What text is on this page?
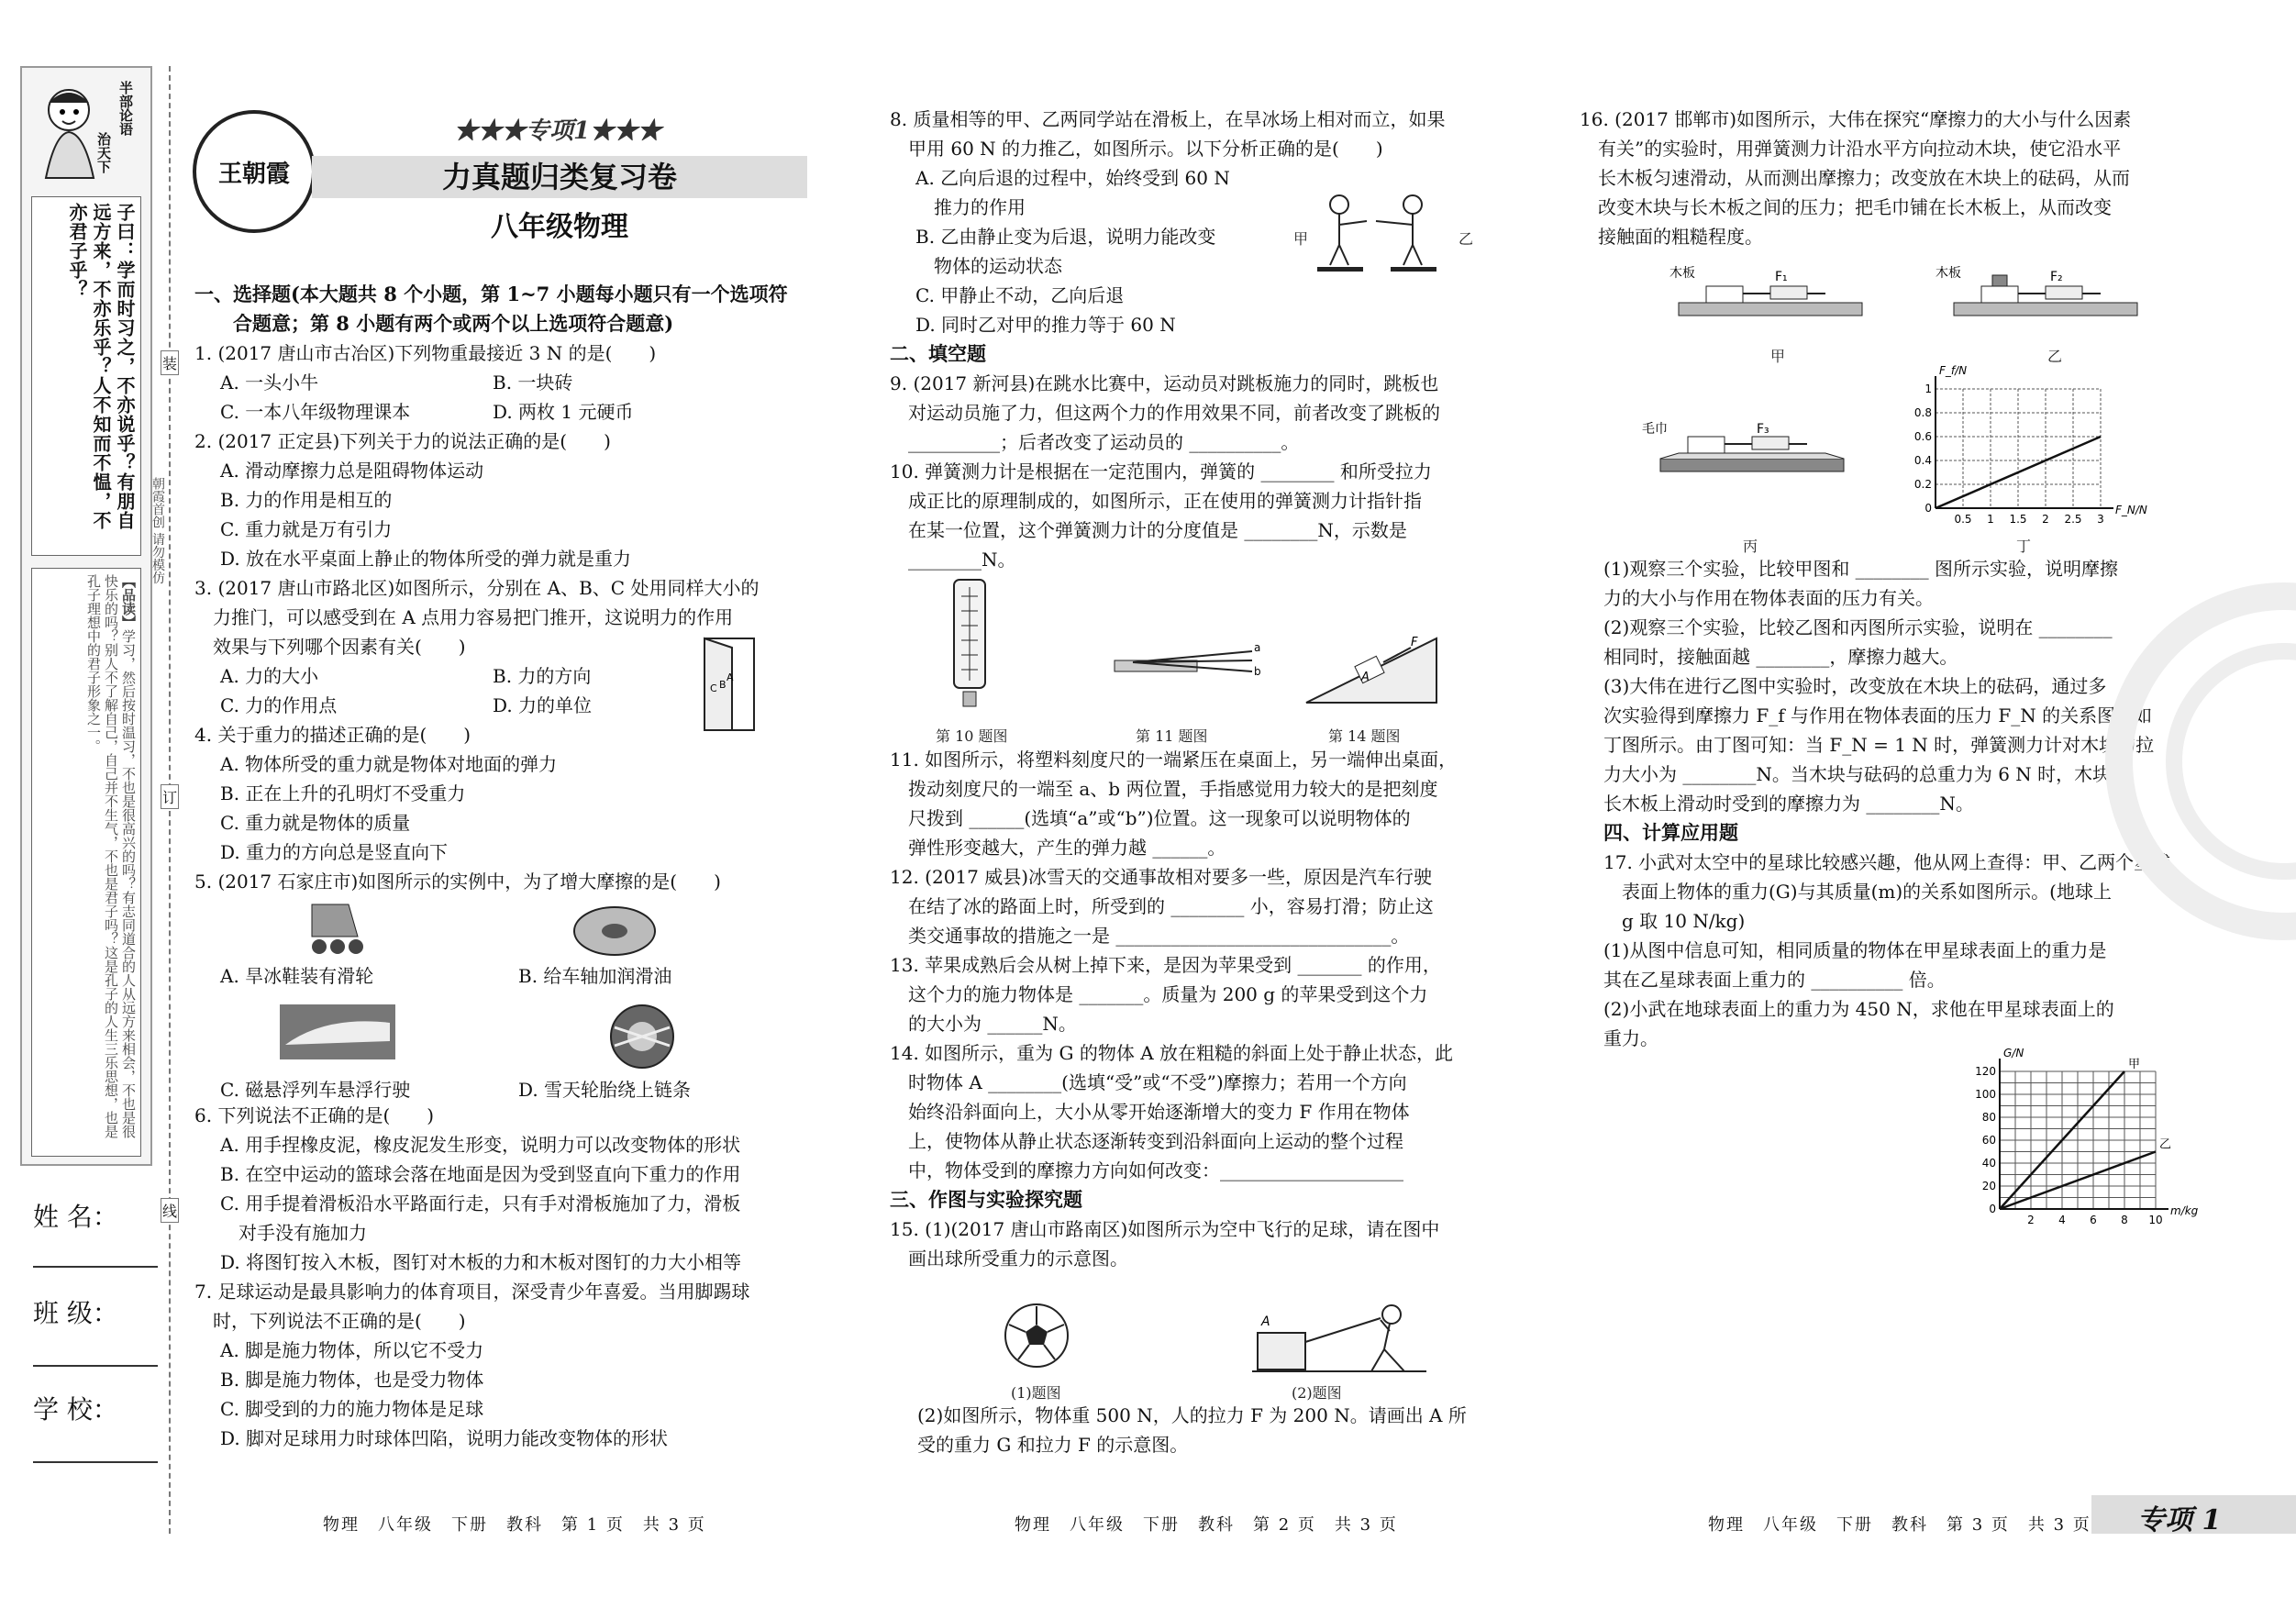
半部论语
治天下
子曰：学而时习之，不亦说乎？有朋自远方来，不亦乐乎？人不知而不愠，不亦君子乎？
【品读】学习，然后按时温习，不也是很高兴的吗？有志同道合的人从远方来相会，不也是很快乐的吗？别人不了解自己，自己并不生气，不也是君子吗？这是孔子的人生三乐思想，也是孔子理想中的君子形象之一。
姓 名：
班 级：
学 校：
装
订
线
朝霞首创 请勿模仿
王朝霞
★★★专项1★★★
力真题归类复习卷
八年级物理
一、选择题(本大题共 8 个小题，第 1~7 小题每小题只有一个选项符
　　合题意；第 8 小题有两个或两个以上选项符合题意)
1. (2017 唐山市古冶区)下列物重最接近 3 N 的是(　　)
A. 一头小牛	B. 一块砖
C. 一本八年级物理课本	D. 两枚 1 元硬币
2. (2017 正定县)下列关于力的说法正确的是(　　)
A. 滑动摩擦力总是阻碍物体运动
B. 力的作用是相互的
C. 重力就是万有引力
D. 放在水平桌面上静止的物体所受的弹力就是重力
3. (2017 唐山市路北区)如图所示，分别在 A、B、C 处用同样大小的
　力推门，可以感受到在 A 点用力容易把门推开，这说明力的作用
　效果与下列哪个因素有关(　　)
A. 力的大小	B. 力的方向
C. 力的作用点	D. 力的单位
4. 关于重力的描述正确的是(　　)
A. 物体所受的重力就是物体对地面的弹力
B. 正在上升的孔明灯不受重力
C. 重力就是物体的质量
D. 重力的方向总是竖直向下
5. (2017 石家庄市)如图所示的实例中，为了增大摩擦的是(　　)
C B
A
A. 旱冰鞋装有滑轮	B. 给车轴加润滑油
C. 磁悬浮列车悬浮行驶	D. 雪天轮胎绕上链条
6. 下列说法不正确的是(　　)
A. 用手捏橡皮泥，橡皮泥发生形变，说明力可以改变物体的形状
B. 在空中运动的篮球会落在地面是因为受到竖直向下重力的作用
C. 用手提着滑板沿水平路面行走，只有手对滑板施加了力，滑板
　对手没有施加力
D. 将图钉按入木板，图钉对木板的力和木板对图钉的力大小相等
7. 足球运动是最具影响力的体育项目，深受青少年喜爱。当用脚踢球
　时，下列说法不正确的是(　　)
A. 脚是施力物体，所以它不受力
B. 脚是施力物体，也是受力物体
C. 脚受到的力的施力物体是足球
D. 脚对足球用力时球体凹陷，说明力能改变物体的形状
8. 质量相等的甲、乙两同学站在滑板上，在旱冰场上相对而立，如果
　甲用 60 N 的力推乙，如图所示。以下分析正确的是(　　)
A. 乙向后退的过程中，始终受到 60 N
　推力的作用
B. 乙由静止变为后退，说明力能改变
　物体的运动状态
C. 甲静止不动，乙向后退
D. 同时乙对甲的推力等于 60 N
二、填空题
9. (2017 新河县)在跳水比赛中，运动员对跳板施力的同时，跳板也
　对运动员施了力，但这两个力的作用效果不同，前者改变了跳板的
　__________；后者改变了运动员的 __________。
10. 弹簧测力计是根据在一定范围内，弹簧的 ________ 和所受拉力
　成正比的原理制成的，如图所示，正在使用的弹簧测力计指针指
　在某一位置，这个弹簧测力计的分度值是 ________N，示数是
　________N。
甲	乙
a
b	A
F
第 10 题图	第 11 题图	第 14 题图
11. 如图所示，将塑料刻度尺的一端紧压在桌面上，另一端伸出桌面，
　拨动刻度尺的一端至 a、b 两位置，手指感觉用力较大的是把刻度
　尺拨到 ______(选填“a”或“b”)位置。这一现象可以说明物体的
　弹性形变越大，产生的弹力越 ______。
12. (2017 威县)冰雪天的交通事故相对要多一些，原因是汽车行驶
　在结了冰的路面上时，所受到的 ________ 小，容易打滑；防止这
　类交通事故的措施之一是 ______________________________。
13. 苹果成熟后会从树上掉下来，是因为苹果受到 _______ 的作用，
　这个力的施力物体是 _______。质量为 200 g 的苹果受到这个力
　的大小为 ______N。
14. 如图所示，重为 G 的物体 A 放在粗糙的斜面上处于静止状态，此
　时物体 A ________(选填“受”或“不受”)摩擦力；若用一个方向
　始终沿斜面向上，大小从零开始逐渐增大的变力 F 作用在物体
　上，使物体从静止状态逐渐转变到沿斜面向上运动的整个过程
　中，物体受到的摩擦力方向如何改变：____________________
三、作图与实验探究题
15. (1)(2017 唐山市路南区)如图所示为空中飞行的足球，请在图中
　画出球所受重力的示意图。
A
(1)题图	(2)题图
(2)如图所示，物体重 500 N，人的拉力 F 为 200 N。请画出 A 所
受的重力 G 和拉力 F 的示意图。
16. (2017 邯郸市)如图所示，大伟在探究“摩擦力的大小与什么因素
　有关”的实验时，用弹簧测力计沿水平方向拉动木块，使它沿水平
　长木板匀速滑动，从而测出摩擦力；改变放在木块上的砝码，从而
　改变木块与长木板之间的压力；把毛巾铺在长木板上，从而改变
　接触面的粗糙程度。
F₁
木板	F₂
木板
甲	乙
F₃
毛巾
丙
0.5 1 1.5 2 2.5 3
0
0.2
0.4
0.6
0.8
1
F_N/N
F_f/N
丁
(1)观察三个实验，比较甲图和 ________ 图所示实验，说明摩擦
力的大小与作用在物体表面的压力有关。
(2)观察三个实验，比较乙图和丙图所示实验，说明在 ________
相同时，接触面越 ________，摩擦力越大。
(3)大伟在进行乙图中实验时，改变放在木块上的砝码，通过多
次实验得到摩擦力 F_f 与作用在物体表面的压力 F_N 的关系图线如
丁图所示。由丁图可知：当 F_N = 1 N 时，弹簧测力计对木块的拉
力大小为 ________N。当木块与砝码的总重力为 6 N 时，木块在
长木板上滑动时受到的摩擦力为 ________N。
四、计算应用题
17. 小武对太空中的星球比较感兴趣，他从网上查得：甲、乙两个星球
　表面上物体的重力(G)与其质量(m)的关系如图所示。(地球上
　g 取 10 N/kg)
(1)从图中信息可知，相同质量的物体在甲星球表面上的重力是
其在乙星球表面上重力的 __________ 倍。
(2)小武在地球表面上的重力为 450 N，求他在甲星球表面上的
重力。
2 4 6 8 10
0
20
40
60
80
100
120
m/kg
G/N
甲
乙
物理　八年级　下册　教科　第 1 页　共 3 页	物理　八年级　下册　教科　第 2 页　共 3 页	物理　八年级　下册　教科　第 3 页　共 3 页 专项 1
